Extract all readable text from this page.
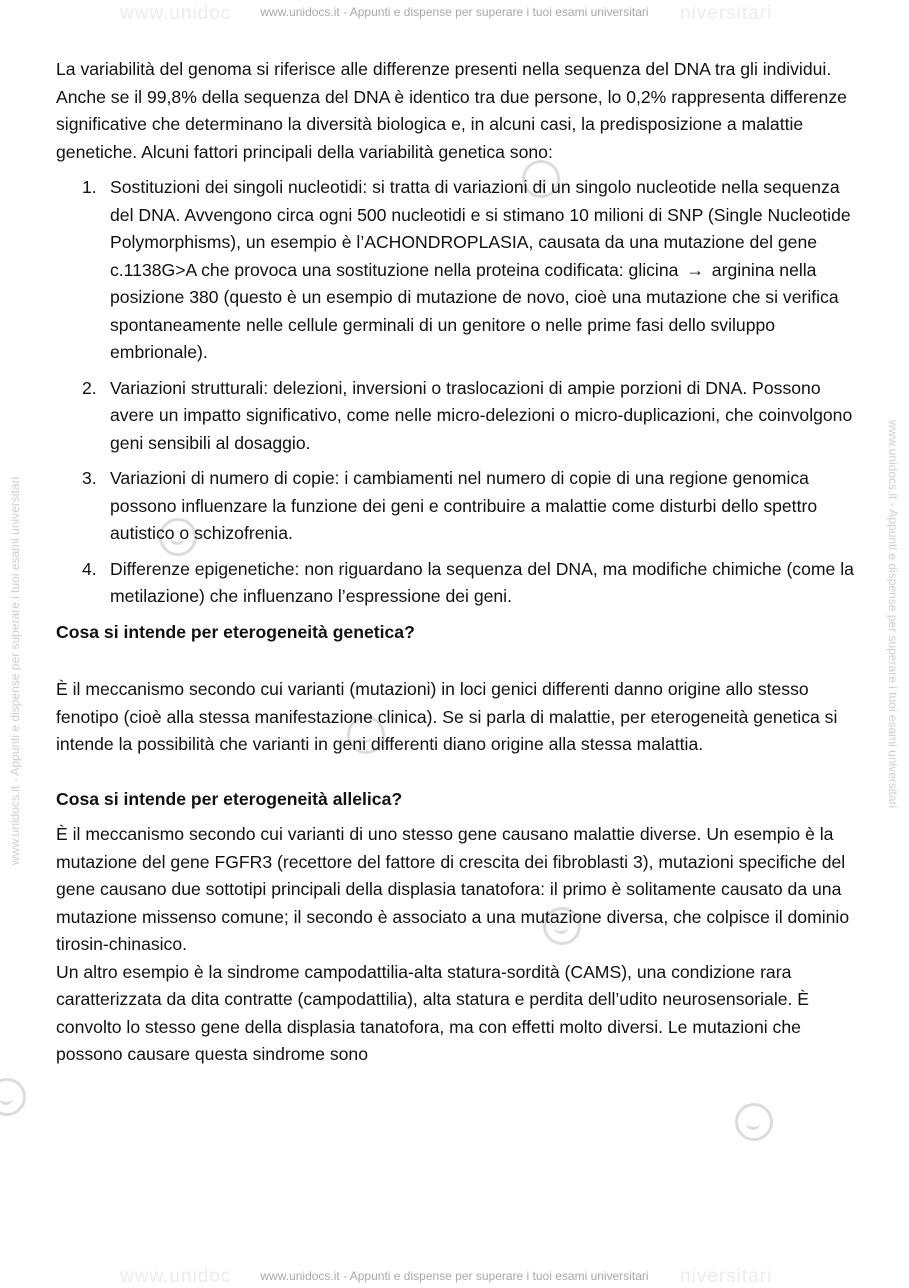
www.unidoc	niversitari
www.unidocs.it - Appunti e dispense per superare i tuoi esami universitari
www.unidoc	niversitari
www.unidocs.it - Appunti e dispense per superare i tuoi esami universitari
www.unidocs.it - Appunti e dispense per superare i tuoi esami universitari	www.unidocs.it - Appunti e dispense per superare i tuoi esami universitari

La variabilità del genoma si riferisce alle differenze presenti nella sequenza del DNA tra gli individui. Anche se il 99,8% della sequenza del DNA è identico tra due persone, lo 0,2% rappresenta differenze significative che determinano la diversità biologica e, in alcuni casi, la predisposizione a malattie genetiche. Alcuni fattori principali della variabilità genetica sono:

1. Sostituzioni dei singoli nucleotidi: si tratta di variazioni di un singolo nucleotide nella sequenza del DNA. Avvengono circa ogni 500 nucleotidi e si stimano 10 milioni di SNP (Single Nucleotide Polymorphisms), un esempio è l’ACHONDROPLASIA, causata da una mutazione del gene c.1138G>A che provoca una sostituzione nella proteina codificata: glicina → arginina nella posizione 380 (questo è un esempio di mutazione de novo, cioè una mutazione che si verifica spontaneamente nelle cellule germinali di un genitore o nelle prime fasi dello sviluppo embrionale).
2. Variazioni strutturali: delezioni, inversioni o traslocazioni di ampie porzioni di DNA. Possono avere un impatto significativo, come nelle micro-delezioni o micro-duplicazioni, che coinvolgono geni sensibili al dosaggio.
3. Variazioni di numero di copie: i cambiamenti nel numero di copie di una regione genomica possono influenzare la funzione dei geni e contribuire a malattie come disturbi dello spettro autistico o schizofrenia.
4. Differenze epigenetiche: non riguardano la sequenza del DNA, ma modifiche chimiche (come la metilazione) che influenzano l’espressione dei geni.

Cosa si intende per eterogeneità genetica?

È il meccanismo secondo cui varianti (mutazioni) in loci genici differenti danno origine allo stesso fenotipo (cioè alla stessa manifestazione clinica). Se si parla di malattie, per eterogeneità genetica si intende la possibilità che varianti in geni differenti diano origine alla stessa malattia.

Cosa si intende per eterogeneità allelica?

È il meccanismo secondo cui varianti di uno stesso gene causano malattie diverse. Un esempio è la mutazione del gene FGFR3 (recettore del fattore di crescita dei fibroblasti 3), mutazioni specifiche del gene causano due sottotipi principali della displasia tanatofora: il primo è solitamente causato da una mutazione missenso comune; il secondo è associato a una mutazione diversa, che colpisce il dominio tirosin-chinasico.

Un altro esempio è la sindrome campodattilia-alta statura-sordità (CAMS), una condizione rara caratterizzata da dita contratte (campodattilia), alta statura e perdita dell’udito neurosensoriale. È convolto lo stesso gene della displasia tanatofora, ma con effetti molto diversi. Le mutazioni che possono causare questa sindrome sono
